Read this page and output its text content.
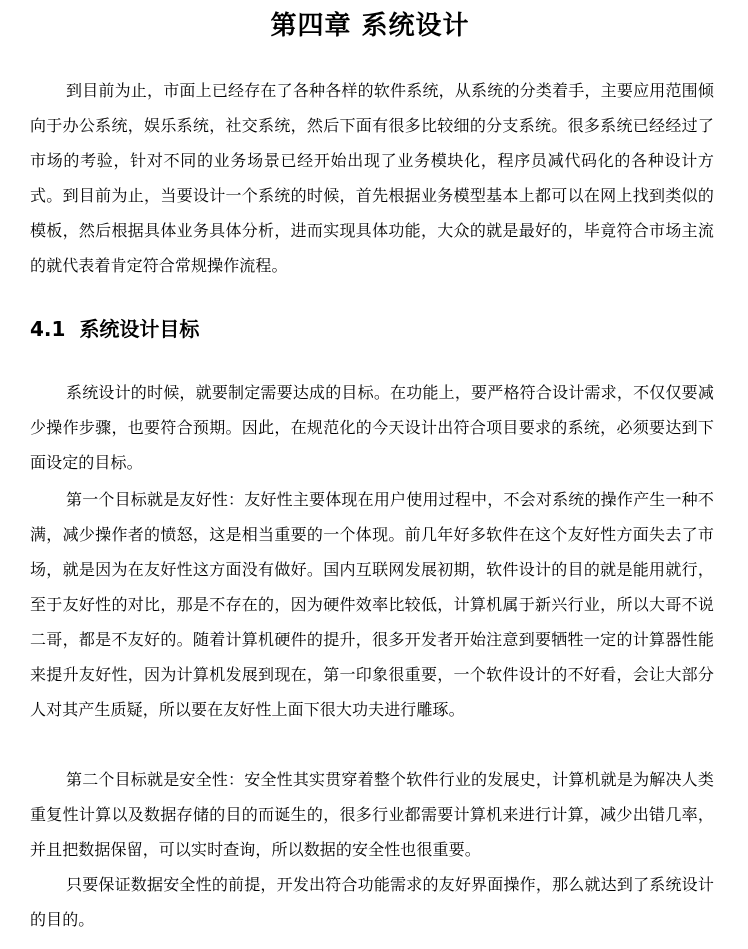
第四章 系统设计

到目前为止，市面上已经存在了各种各样的软件系统，从系统的分类着手，主要应用范围倾向于办公系统，娱乐系统，社交系统，然后下面有很多比较细的分支系统。很多系统已经经过了市场的考验，针对不同的业务场景已经开始出现了业务模块化，程序员减代码化的各种设计方式。到目前为止，当要设计一个系统的时候，首先根据业务模型基本上都可以在网上找到类似的模板，然后根据具体业务具体分析，进而实现具体功能，大众的就是最好的，毕竟符合市场主流的就代表着肯定符合常规操作流程。

4.1 系统设计目标

系统设计的时候，就要制定需要达成的目标。在功能上，要严格符合设计需求，不仅仅要减少操作步骤，也要符合预期。因此，在规范化的今天设计出符合项目要求的系统，必须要达到下面设定的目标。

第一个目标就是友好性：友好性主要体现在用户使用过程中，不会对系统的操作产生一种不满，减少操作者的愤怒，这是相当重要的一个体现。前几年好多软件在这个友好性方面失去了市场，就是因为在友好性这方面没有做好。国内互联网发展初期，软件设计的目的就是能用就行，至于友好性的对比，那是不存在的，因为硬件效率比较低，计算机属于新兴行业，所以大哥不说二哥，都是不友好的。随着计算机硬件的提升，很多开发者开始注意到要牺牲一定的计算器性能来提升友好性，因为计算机发展到现在，第一印象很重要，一个软件设计的不好看，会让大部分人对其产生质疑，所以要在友好性上面下很大功夫进行雕琢。

第二个目标就是安全性：安全性其实贯穿着整个软件行业的发展史，计算机就是为解决人类重复性计算以及数据存储的目的而诞生的，很多行业都需要计算机来进行计算，减少出错几率，并且把数据保留，可以实时查询，所以数据的安全性也很重要。

只要保证数据安全性的前提，开发出符合功能需求的友好界面操作，那么就达到了系统设计的目的。
